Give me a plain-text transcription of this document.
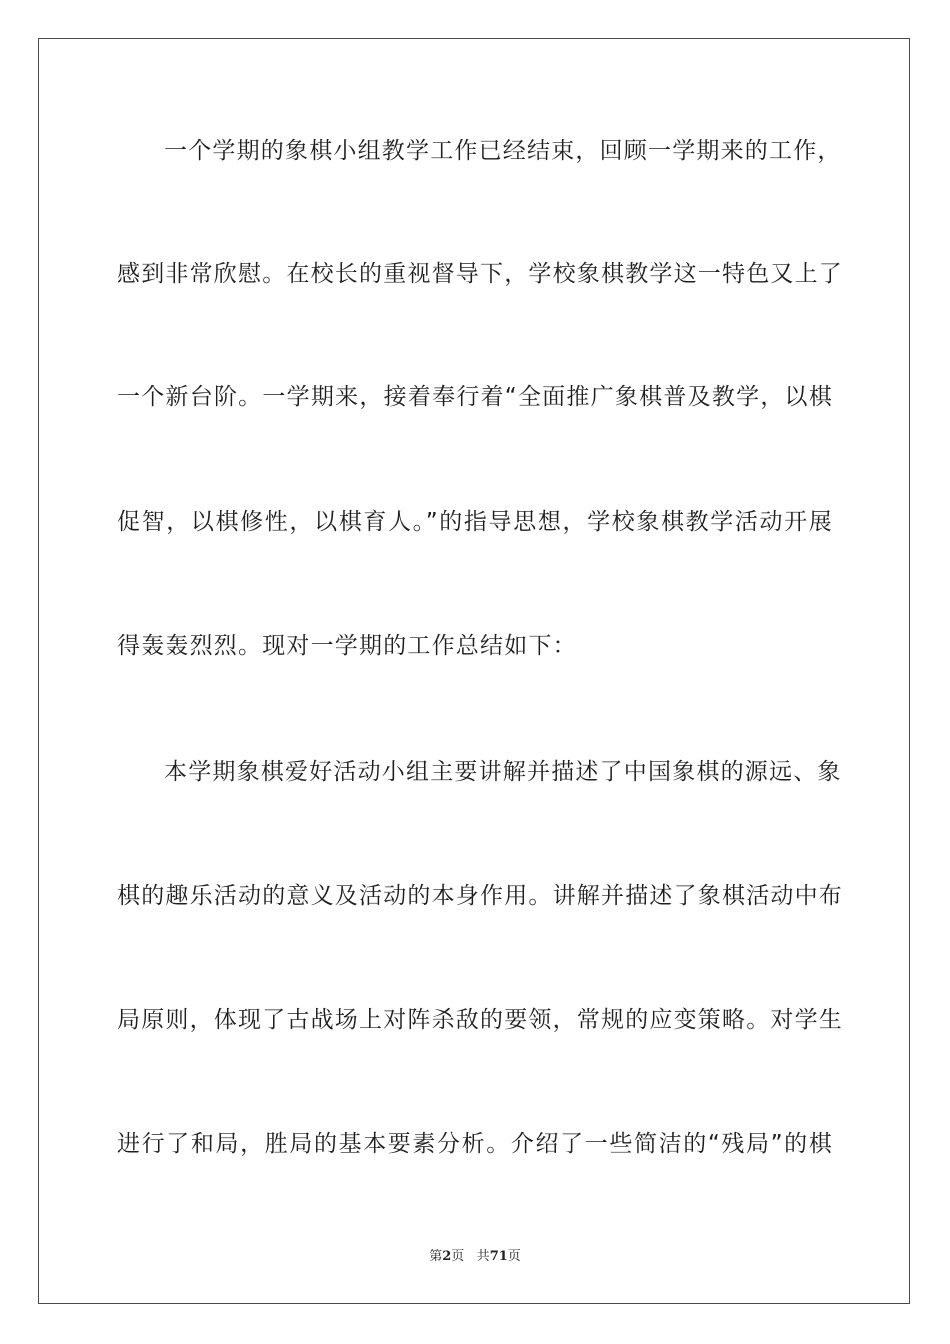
一个学期的象棋小组教学工作已经结束，回顾一学期来的工作，
感到非常欣慰。在校长的重视督导下，学校象棋教学这一特色又上了
一个新台阶。一学期来，接着奉行着“全面推广象棋普及教学，以棋
促智，以棋修性，以棋育人。”的指导思想，学校象棋教学活动开展
得轰轰烈烈。现对一学期的工作总结如下：
本学期象棋爱好活动小组主要讲解并描述了中国象棋的源远、象
棋的趣乐活动的意义及活动的本身作用。讲解并描述了象棋活动中布
局原则，体现了古战场上对阵杀敌的要领，常规的应变策略。对学生
进行了和局，胜局的基本要素分析。介绍了一些简洁的“残局”的棋
第2页 共71页
